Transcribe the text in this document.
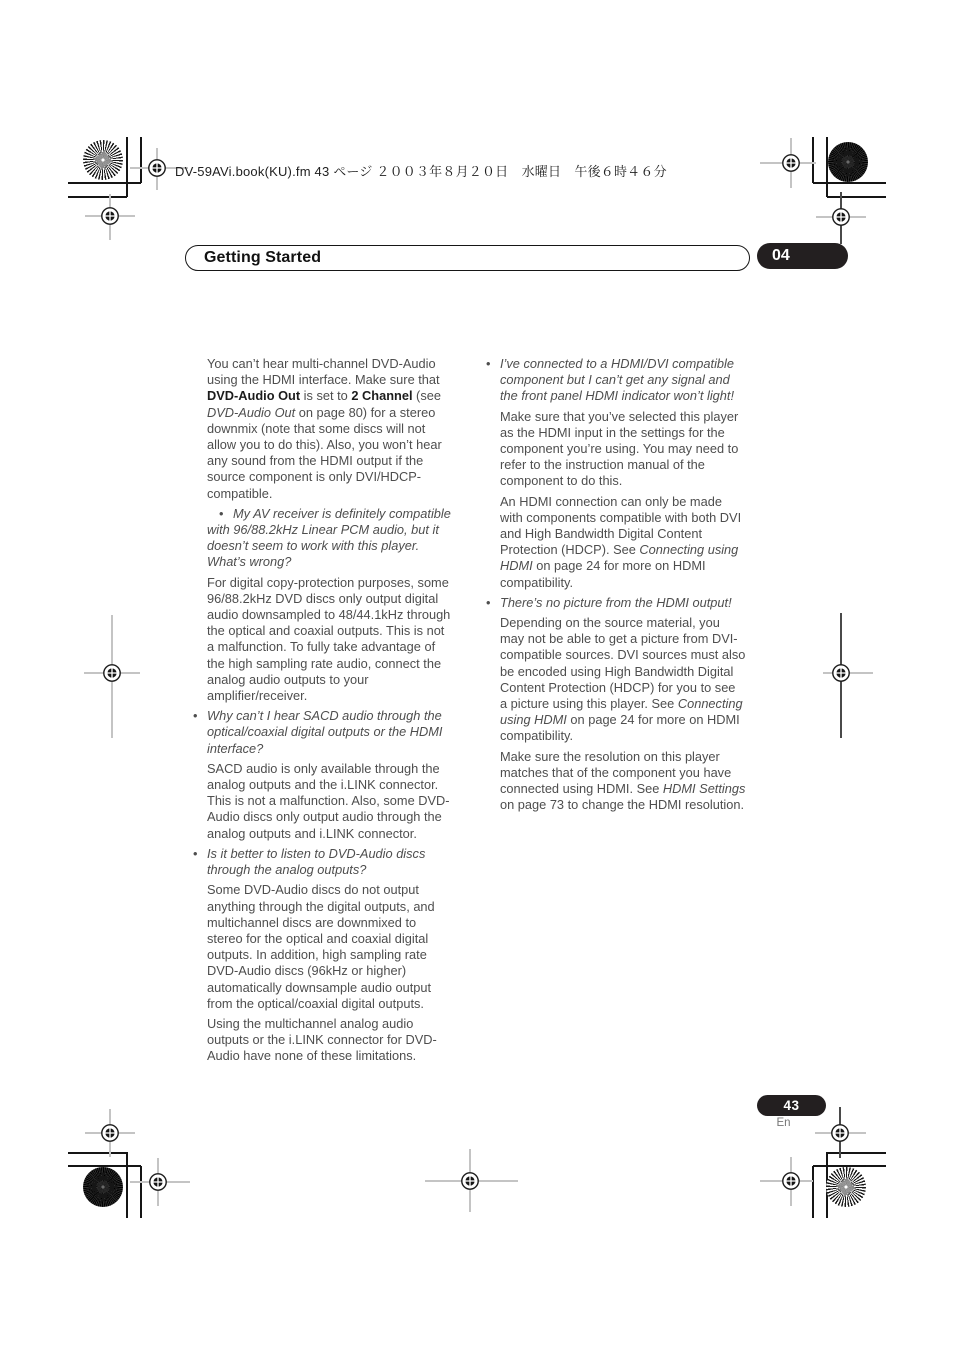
DV-59AVi.book(KU).fm 43 ページ ２００３年８月２０日　水曜日　午後６時４６分
Getting Started	04
You can’t hear multi-channel DVD-Audio using the HDMI interface. Make sure that DVD-Audio Out is set to 2 Channel (see DVD-Audio Out on page 80) for a stereo downmix (note that some discs will not allow you to do this). Also, you won’t hear any sound from the HDMI output if the source component is only DVI/HDCP-compatible.
• My AV receiver is definitely compatible with 96/88.2kHz Linear PCM audio, but it doesn’t seem to work with this player. What’s wrong?
For digital copy-protection purposes, some 96/88.2kHz DVD discs only output digital audio downsampled to 48/44.1kHz through the optical and coaxial outputs. This is not a malfunction. To fully take advantage of the high sampling rate audio, connect the analog audio outputs to your amplifier/receiver.
• Why can’t I hear SACD audio through the optical/coaxial digital outputs or the HDMI interface?
SACD audio is only available through the analog outputs and the i.LINK connector. This is not a malfunction. Also, some DVD-Audio discs only output audio through the analog outputs and i.LINK connector.
• Is it better to listen to DVD-Audio discs through the analog outputs?
Some DVD-Audio discs do not output anything through the digital outputs, and multichannel discs are downmixed to stereo for the optical and coaxial digital outputs. In addition, high sampling rate DVD-Audio discs (96kHz or higher) automatically downsample audio output from the optical/coaxial digital outputs.
Using the multichannel analog audio outputs or the i.LINK connector for DVD-Audio have none of these limitations.
• I’ve connected to a HDMI/DVI compatible component but I can’t get any signal and the front panel HDMI indicator won’t light!
Make sure that you’ve selected this player as the HDMI input in the settings for the component you’re using. You may need to refer to the instruction manual of the component to do this.
An HDMI connection can only be made with components compatible with both DVI and High Bandwidth Digital Content Protection (HDCP). See Connecting using HDMI on page 24 for more on HDMI compatibility.
• There’s no picture from the HDMI output!
Depending on the source material, you may not be able to get a picture from DVI-compatible sources. DVI sources must also be encoded using High Bandwidth Digital Content Protection (HDCP) for you to see a picture using this player. See Connecting using HDMI on page 24 for more on HDMI compatibility.
Make sure the resolution on this player matches that of the component you have connected using HDMI. See HDMI Settings on page 73 to change the HDMI resolution.
43
En
